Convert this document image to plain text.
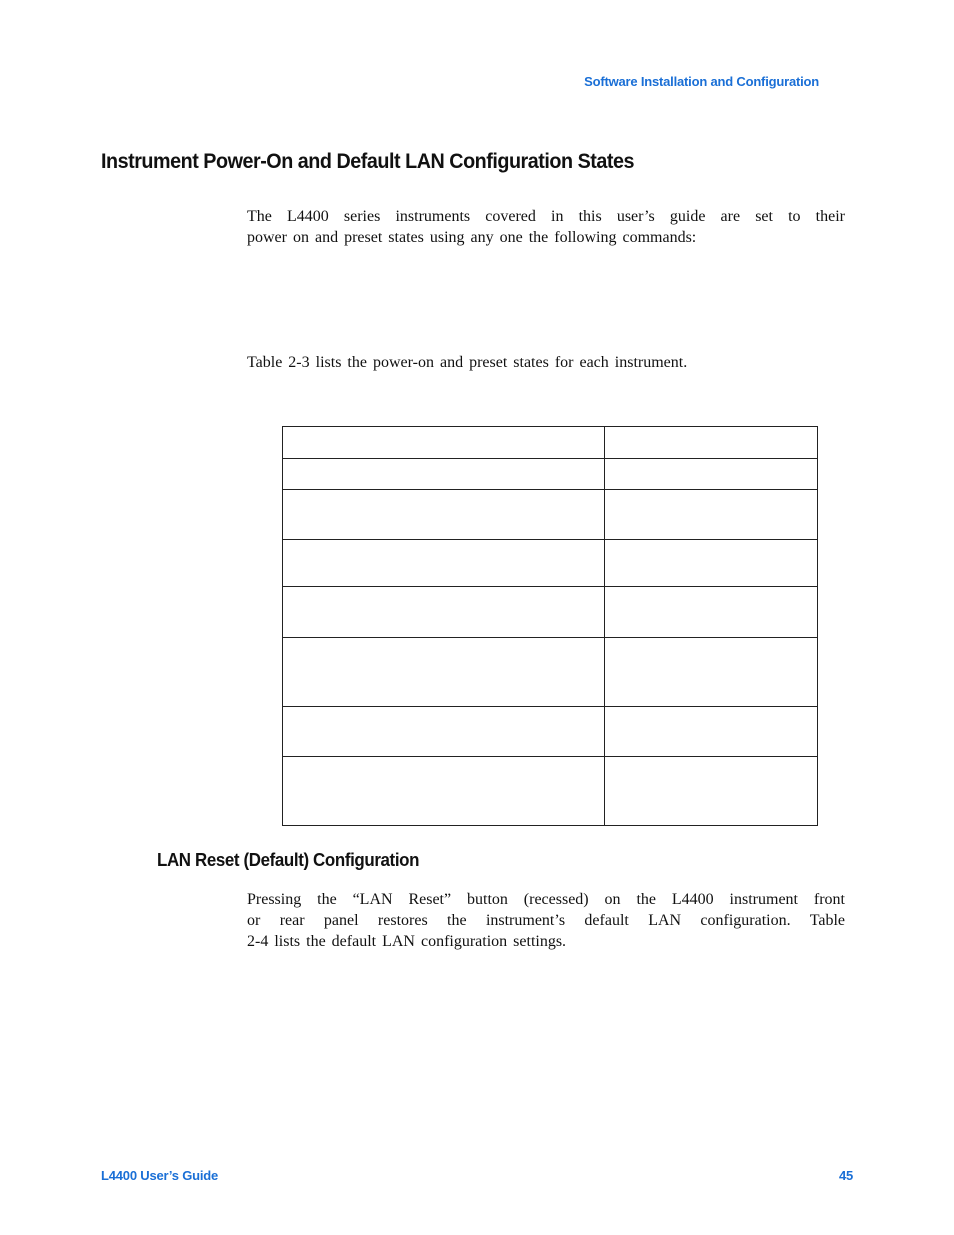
Software Installation and Configuration
Instrument Power-On and Default LAN Configuration States

The L4400 series instruments covered in this user’s guide are set to their

power on and preset states using any one the following commands:

Table 2-3 lists the power-on and preset states for each instrument.

LAN Reset (Default) Configuration

Pressing the “LAN Reset” button (recessed) on the L4400 instrument front

or rear panel restores the instrument’s default LAN configuration. Table

2-4 lists the default LAN configuration settings.

L4400 User’s Guide	45
